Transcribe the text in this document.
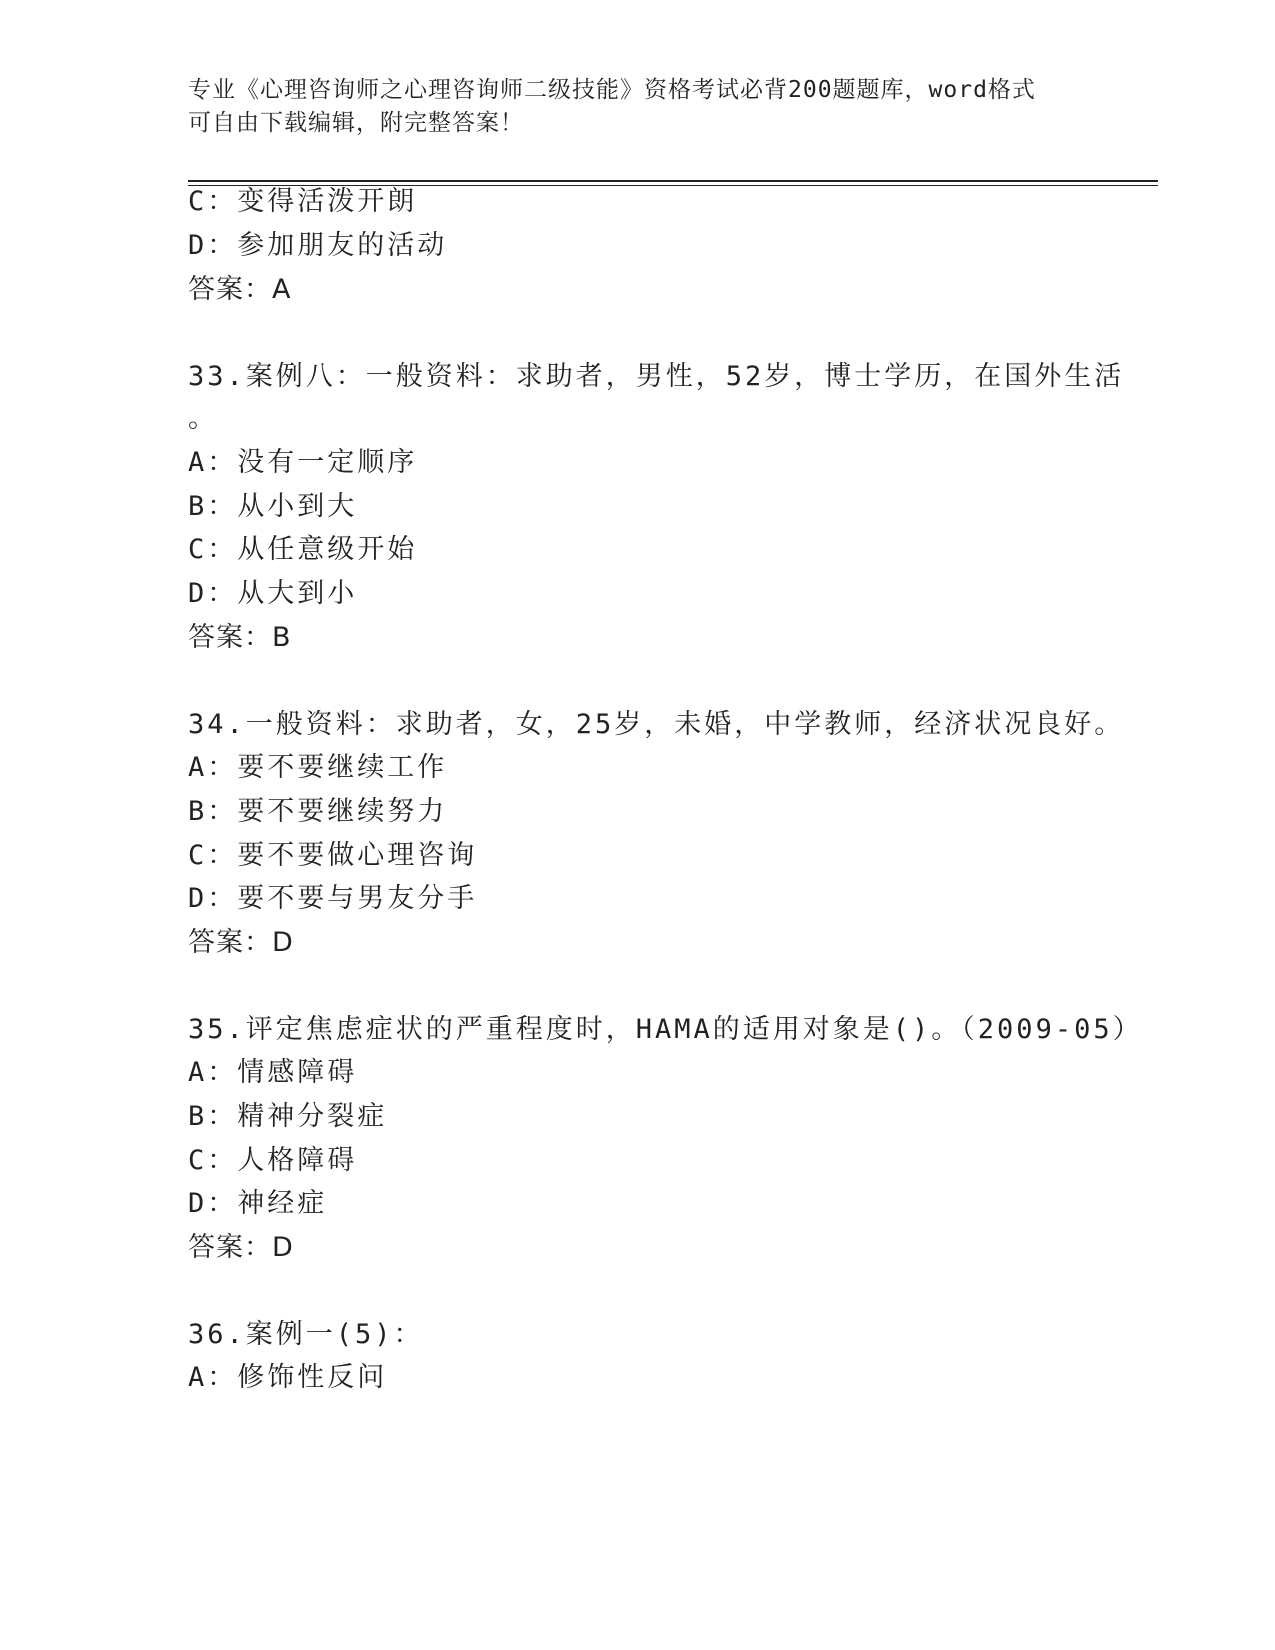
专业《心理咨询师之心理咨询师二级技能》资格考试必背200题题库，word格式
可自由下载编辑，附完整答案！
C：变得活泼开朗
D：参加朋友的活动
答案：A
33.案例八：一般资料：求助者，男性，52岁，博士学历，在国外生活
。
A：没有一定顺序
B：从小到大
C：从任意级开始
D：从大到小
答案：B
34.一般资料：求助者，女，25岁，未婚，中学教师，经济状况良好。
A：要不要继续工作
B：要不要继续努力
C：要不要做心理咨询
D：要不要与男友分手
答案：D
35.评定焦虑症状的严重程度时，HAMA的适用对象是()。（2009-05）
A：情感障碍
B：精神分裂症
C：人格障碍
D：神经症
答案：D
36.案例一(5)：
A：修饰性反问
